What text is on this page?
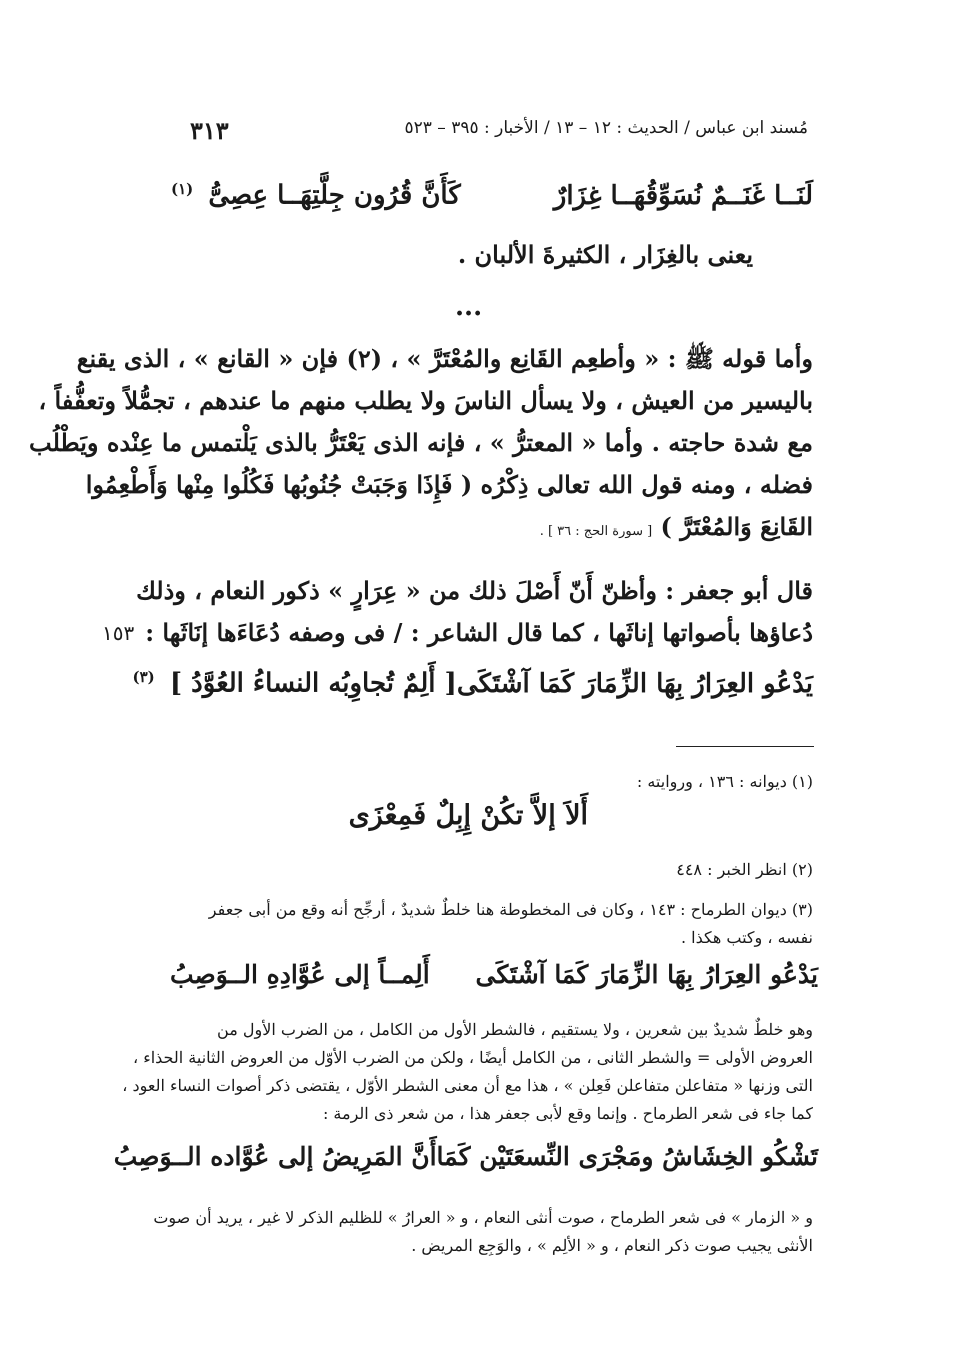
٣١٣	مُسند ابن عباس / الحديث : ١٢ – ١٣ / الأخبار : ٣٩٥ – ٥٢٣
لَنَــا غَنَــمٌ نُسَوِّقُهَــا غِزَارٌ
كَأَنَّ قُرُون جِلَّتِهَــا عِصِىُّ $^{(١)}$
يعنى بالغِزَار ، الكثيرةَ الألبان .
...
وأما قوله ﷺ : « وأطعِم القَانِع والمُعْتَرَّ » ، (٢) فإن « القانع » ، الذى يقنع
باليسير من العيش ، ولا يسأل الناسَ ولا يطلب منهم ما عندهم ، تجمُّلاً وتعفُّفاً ،
مع شدة حاجته . وأما « المعترُّ » ، فإنه الذى يَعْتَرُّ بالذى يَلْتمس ما عِنْده ويَطْلُب
فضله ، ومنه قول الله تعالى ذِكْرُه ( فَإِذَا وَجَبَتْ جُنُوبُها فَكُلُوا مِنْها وَأَطْعِمُوا
القَانِعَ وَالمُعْتَرَّ ) [ سورة الحج : ٣٦ ] .
قال أبو جعفر : وأظنّ أَنّ أَصْلَ ذلك من « عِرَارٍ » ذكور النعام ، وذلك
دُعاؤها بأصواتها إناثَها ، كما قال الشاعر : / فى وصفه دُعَاءَها إنَاثَها :
١٥٣
يَدْعُو العِرَارُ بِهَا الزِّمَارَ كَمَا آشْتَكَى
[ أَلِمٌ تُجاوِبُه النساءُ العُوَّدُ ] $^{(٣)}$
(١) ديوانه : ١٣٦ ، وروايته :
أَلاَ إلاَّ تكُنْ إِبِلٌ فَمِعْزَى
(٢) انظر الخبر : ٤٤٨
(٣) ديوان الطرماح : ١٤٣ ، وكان فى المخطوطة هنا خلطٌ شديدٌ ، أرجِّح أنه وقع من أبى جعفر
نفسه ، وكتب هكذا .
يَدْعُو العِرَارُ بِهَا الزِّمَارَ كَمَا آشْتَكَى
أَلِمــاً إلى عُوَّادِهِ الــوَصِبُ
وهو خلطٌ شديدٌ بين شعرين ، ولا يستقيم ، فالشطر الأول من الكامل ، من الضرب الأول من
العروض الأولى = والشطر الثانى ، من الكامل أيضًا ، ولكن من الضرب الأوّل من العروض الثانية الحذاء ،
التى وزنها « متفاعلن متفاعلن فَعِلن » ، هذا مع أن معنى الشطر الأوّل ، يقتضى ذكر أصوات النساء العود ،
كما جاء فى شعر الطرماح . وإنما وقع لأبى جعفر هذا ، من شعر ذى الرمة :
تَشْكُو الخِشَاشُ ومَجْرَى النِّسعَتَيْن كَمَا
أَنَّ المَرِيضُ إلى عُوَّاده الــوَصِبُ
و « الزمار » فى شعر الطرماح ، صوت أنثى النعام ، و « العرارُ » للظليم الذكر لا غير ، يريد أن صوت
الأنثى يجيب صوت ذكر النعام ، و « الألِم » ، والوَجِع المريض .
